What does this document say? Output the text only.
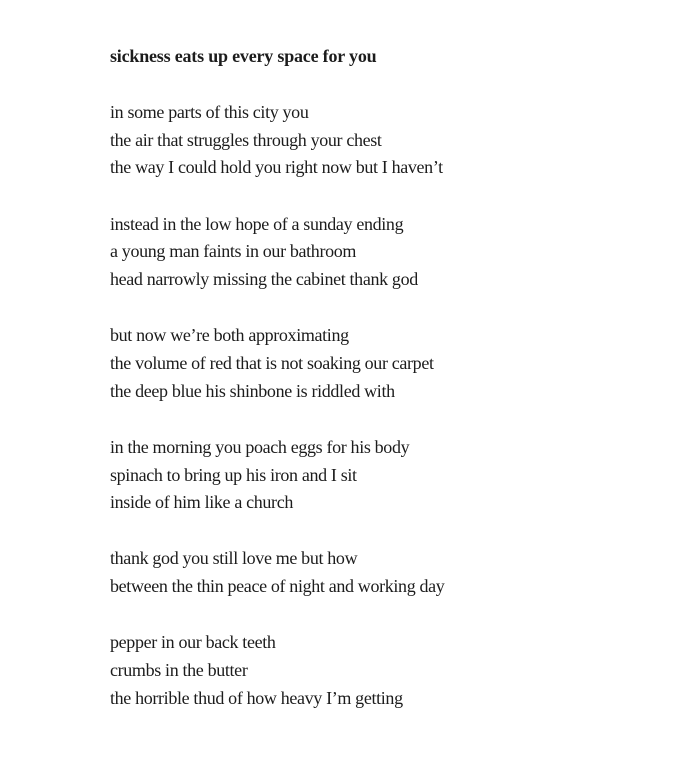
sickness eats up every space for you
in some parts of this city you
the air that struggles through your chest
the way I could hold you right now but I haven’t
instead in the low hope of a sunday ending
a young man faints in our bathroom
head narrowly missing the cabinet thank god
but now we’re both approximating
the volume of red that is not soaking our carpet
the deep blue his shinbone is riddled with
in the morning you poach eggs for his body
spinach to bring up his iron and I sit
inside of him like a church
thank god you still love me but how
between the thin peace of night and working day
pepper in our back teeth
crumbs in the butter
the horrible thud of how heavy I’m getting
